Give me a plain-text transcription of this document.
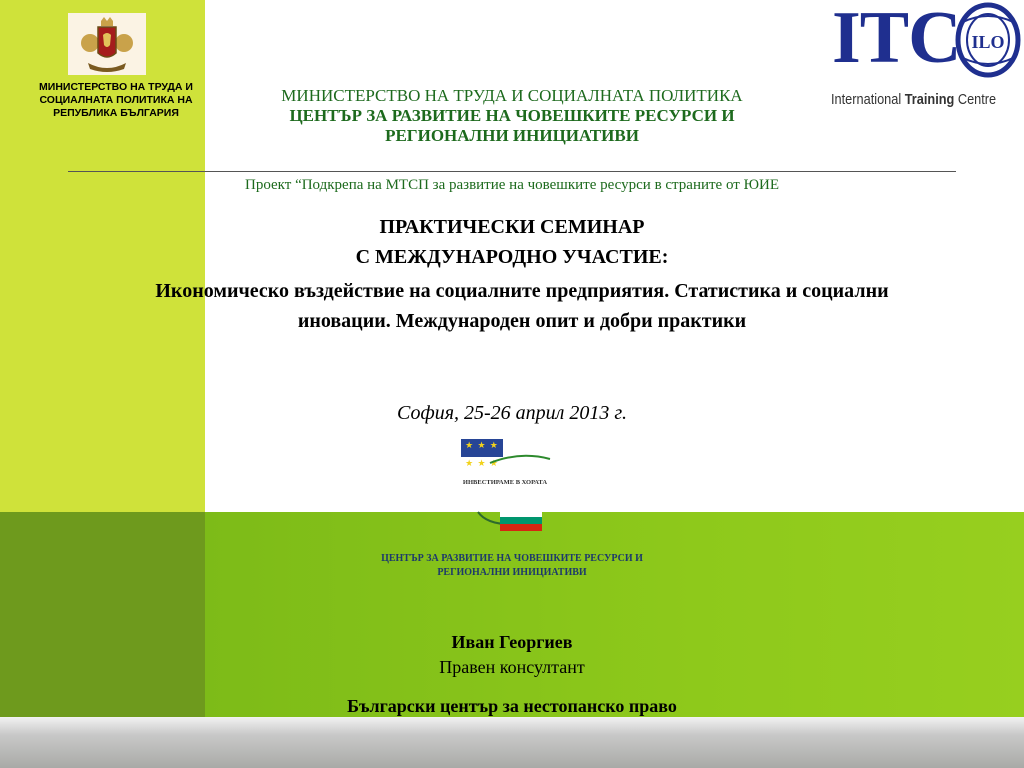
МИНИСТЕРСТВО НА ТРУДА И
СОЦИАЛНАТА ПОЛИТИКА НА
РЕПУБЛИКА БЪЛГАРИЯ
ITC ILO
International Training Centre
МИНИСТЕРСТВО НА ТРУДА И СОЦИАЛНАТА ПОЛИТИКА
ЦЕНТЪР ЗА РАЗВИТИЕ НА ЧОВЕШКИТЕ РЕСУРСИ И
РЕГИОНАЛНИ ИНИЦИАТИВИ
Проект “Подкрепа на МТСП за развитие на човешките ресурси в страните от ЮИЕ
ПРАКТИЧЕСКИ СЕМИНАР
С МЕЖДУНАРОДНО УЧАСТИЕ:
Икономическо въздействие на социалните предприятия. Статистика и социални
иновации. Международен опит и добри практики
София, 25-26 април 2013 г.
★ ★ ★ ★ ★ ★
ИНВЕСТИРАМЕ В ХОРАТА
ЦЕНТЪР ЗА РАЗВИТИЕ НА ЧОВЕШКИТЕ РЕСУРСИ И
РЕГИОНАЛНИ ИНИЦИАТИВИ
Иван Георгиев
Правен консултант
Български център за нестопанско право
